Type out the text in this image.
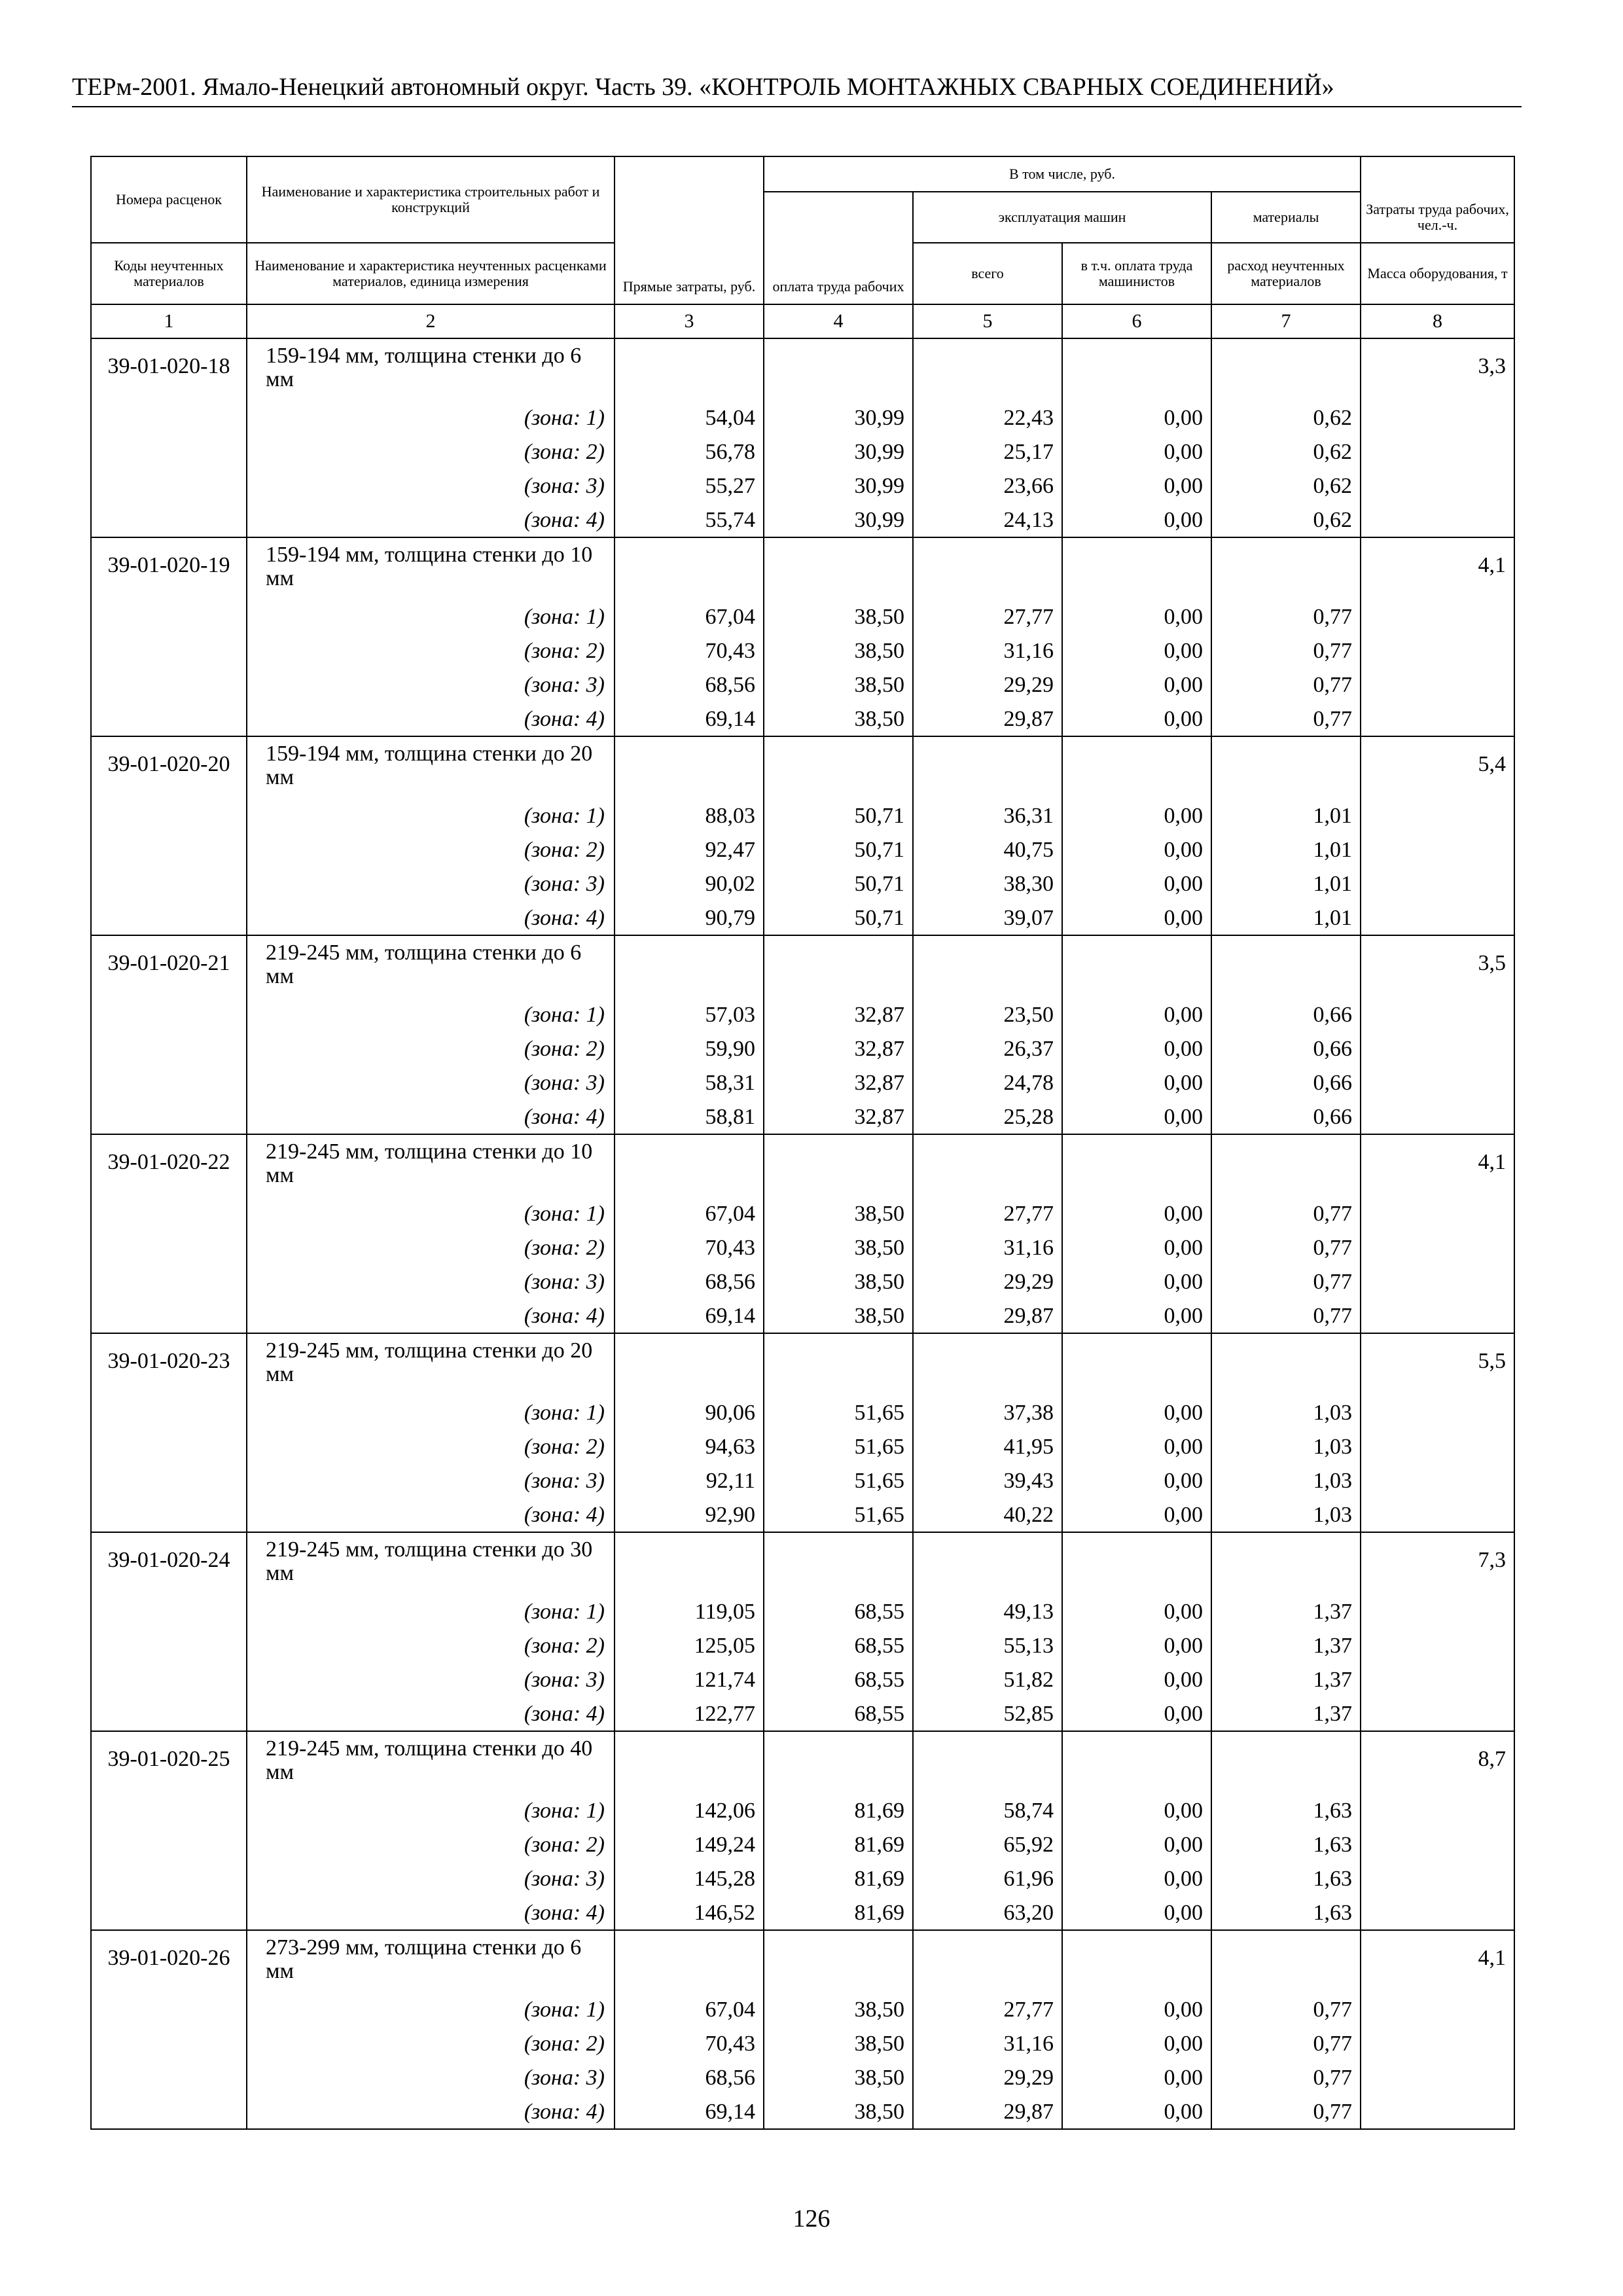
ТЕРм-2001. Ямало-Ненецкий автономный округ. Часть 39. «КОНТРОЛЬ МОНТАЖНЫХ СВАРНЫХ СОЕДИНЕНИЙ»
Номера расценок	Наименование и характеристика строительных работ и конструкций	Прямые затраты, руб.	В том числе, руб.				Затраты труда рабочих, чел.-ч.
			оплата труда рабочих	эксплуатация машин		материалы	
Коды неучтенных материалов	Наименование и характеристика неучтенных расценками материалов, единица измерения			всего	в т.ч. оплата труда машинистов	расход неучтенных материалов	Масса оборудования, т
1	2	3	4	5	6	7	8
39-01-020-18	159-194 мм, толщина стенки до 6 мм						3,3
	(зона: 1)	54,04	30,99	22,43	0,00	0,62	
	(зона: 2)	56,78	30,99	25,17	0,00	0,62	
	(зона: 3)	55,27	30,99	23,66	0,00	0,62	
	(зона: 4)	55,74	30,99	24,13	0,00	0,62	
39-01-020-19	159-194 мм, толщина стенки до 10 мм						4,1
	(зона: 1)	67,04	38,50	27,77	0,00	0,77	
	(зона: 2)	70,43	38,50	31,16	0,00	0,77	
	(зона: 3)	68,56	38,50	29,29	0,00	0,77	
	(зона: 4)	69,14	38,50	29,87	0,00	0,77	
39-01-020-20	159-194 мм, толщина стенки до 20 мм						5,4
	(зона: 1)	88,03	50,71	36,31	0,00	1,01	
	(зона: 2)	92,47	50,71	40,75	0,00	1,01	
	(зона: 3)	90,02	50,71	38,30	0,00	1,01	
	(зона: 4)	90,79	50,71	39,07	0,00	1,01	
39-01-020-21	219-245 мм, толщина стенки до 6 мм						3,5
	(зона: 1)	57,03	32,87	23,50	0,00	0,66	
	(зона: 2)	59,90	32,87	26,37	0,00	0,66	
	(зона: 3)	58,31	32,87	24,78	0,00	0,66	
	(зона: 4)	58,81	32,87	25,28	0,00	0,66	
39-01-020-22	219-245 мм, толщина стенки до 10 мм						4,1
	(зона: 1)	67,04	38,50	27,77	0,00	0,77	
	(зона: 2)	70,43	38,50	31,16	0,00	0,77	
	(зона: 3)	68,56	38,50	29,29	0,00	0,77	
	(зона: 4)	69,14	38,50	29,87	0,00	0,77	
39-01-020-23	219-245 мм, толщина стенки до 20 мм						5,5
	(зона: 1)	90,06	51,65	37,38	0,00	1,03	
	(зона: 2)	94,63	51,65	41,95	0,00	1,03	
	(зона: 3)	92,11	51,65	39,43	0,00	1,03	
	(зона: 4)	92,90	51,65	40,22	0,00	1,03	
39-01-020-24	219-245 мм, толщина стенки до 30 мм						7,3
	(зона: 1)	119,05	68,55	49,13	0,00	1,37	
	(зона: 2)	125,05	68,55	55,13	0,00	1,37	
	(зона: 3)	121,74	68,55	51,82	0,00	1,37	
	(зона: 4)	122,77	68,55	52,85	0,00	1,37	
39-01-020-25	219-245 мм, толщина стенки до 40 мм						8,7
	(зона: 1)	142,06	81,69	58,74	0,00	1,63	
	(зона: 2)	149,24	81,69	65,92	0,00	1,63	
	(зона: 3)	145,28	81,69	61,96	0,00	1,63	
	(зона: 4)	146,52	81,69	63,20	0,00	1,63	
39-01-020-26	273-299 мм, толщина стенки до 6 мм						4,1
	(зона: 1)	67,04	38,50	27,77	0,00	0,77	
	(зона: 2)	70,43	38,50	31,16	0,00	0,77	
	(зона: 3)	68,56	38,50	29,29	0,00	0,77	
	(зона: 4)	69,14	38,50	29,87	0,00	0,77	
126
